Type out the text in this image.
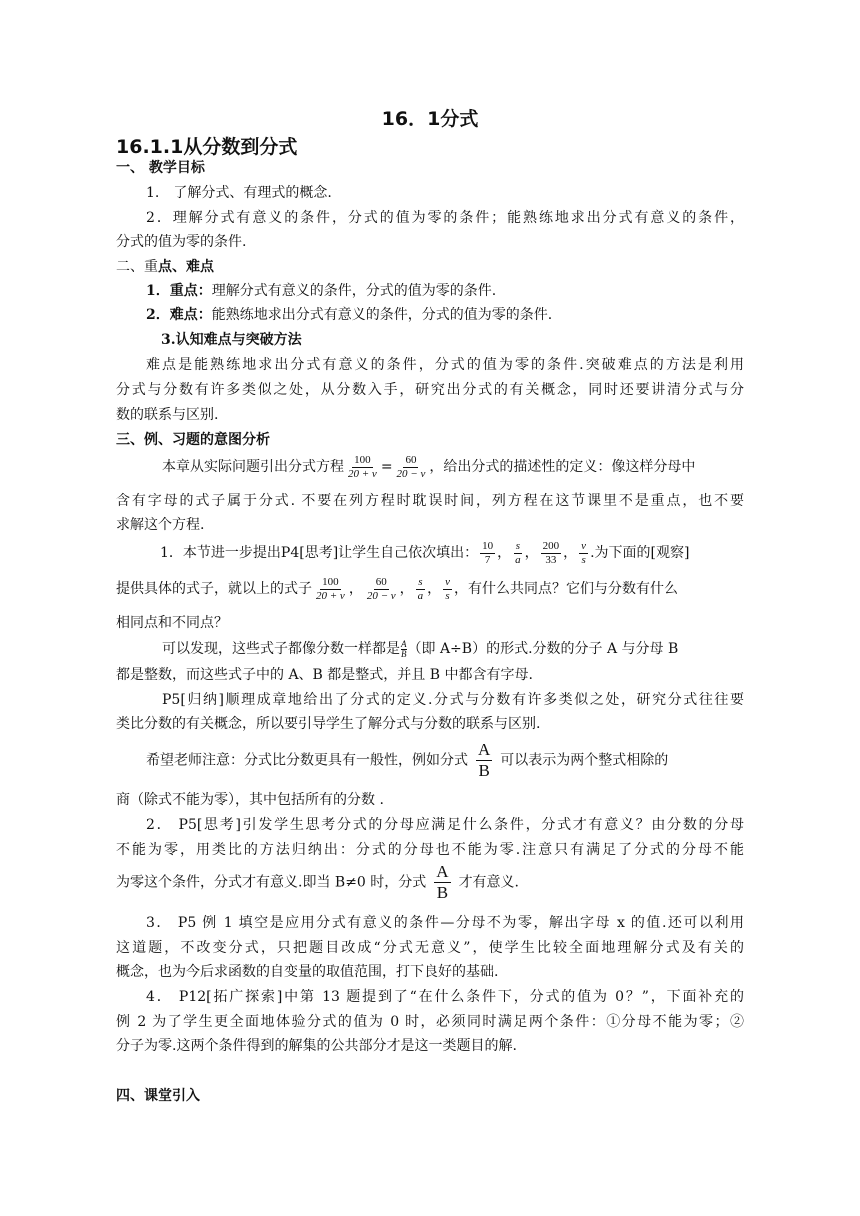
16．1分式
16.1.1从分数到分式
一、 教学目标
1.　了解分式、有理式的概念.
2．理解分式有意义的条件，分式的值为零的条件；能熟练地求出分式有意义的条件，
分式的值为零的条件.
二、重点、难点
1．重点：理解分式有意义的条件，分式的值为零的条件.
2．难点：能熟练地求出分式有意义的条件，分式的值为零的条件.
3.认知难点与突破方法
难点是能熟练地求出分式有意义的条件，分式的值为零的条件.突破难点的方法是利用
分式与分数有许多类似之处，从分数入手，研究出分式的有关概念，同时还要讲清分式与分
数的联系与区别.
三、例、习题的意图分析
本章从实际问题引出分式方程 $\frac{100}{20 + v} = \frac{60}{20 - v}$ ，给出分式的描述性的定义：像这样分母中
含有字母的式子属于分式. 不要在列方程时耽误时间，列方程在这节课里不是重点，也不要
求解这个方程.
1．本节进一步提出P4[思考]让学生自己依次填出： $\frac{10}{7}$ ， $\frac{s}{a}$ ， $\frac{200}{33}$ ， $\frac{v}{s}$ .为下面的[观察]
提供具体的式子，就以上的式子 $\frac{100}{20 + v}$ ， $\frac{60}{20 - v}$ ， $\frac{s}{a}$ ， $\frac{v}{s}$ ，有什么共同点？它们与分数有什么
相同点和不同点？
可以发现，这些式子都像分数一样都是 $\frac{A}{B}$ （即 A÷B）的形式.分数的分子 A 与分母 B
都是整数，而这些式子中的 A、B 都是整式，并且 B 中都含有字母.
P5[归纳]顺理成章地给出了分式的定义.分式与分数有许多类似之处，研究分式往往要
类比分数的有关概念，所以要引导学生了解分式与分数的联系与区别.
希望老师注意：分式比分数更具有一般性，例如分式 $\frac{A}{B}$ 可以表示为两个整式相除的
商（除式不能为零），其中包括所有的分数 .
2． P5[思考]引发学生思考分式的分母应满足什么条件，分式才有意义？由分数的分母
不能为零，用类比的方法归纳出：分式的分母也不能为零.注意只有满足了分式的分母不能
为零这个条件，分式才有意义.即当 B≠0 时，分式 $\frac{A}{B}$ 才有意义.
3． P5 例 1 填空是应用分式有意义的条件—分母不为零，解出字母 x 的值.还可以利用
这道题，不改变分式，只把题目改成“分式无意义”，使学生比较全面地理解分式及有关的
概念，也为今后求函数的自变量的取值范围，打下良好的基础.
4． P12[拓广探索]中第 13 题提到了“在什么条件下，分式的值为 0？”，下面补充的
例 2 为了学生更全面地体验分式的值为 0 时，必须同时满足两个条件：①分母不能为零；②
分子为零.这两个条件得到的解集的公共部分才是这一类题目的解.
四、课堂引入
